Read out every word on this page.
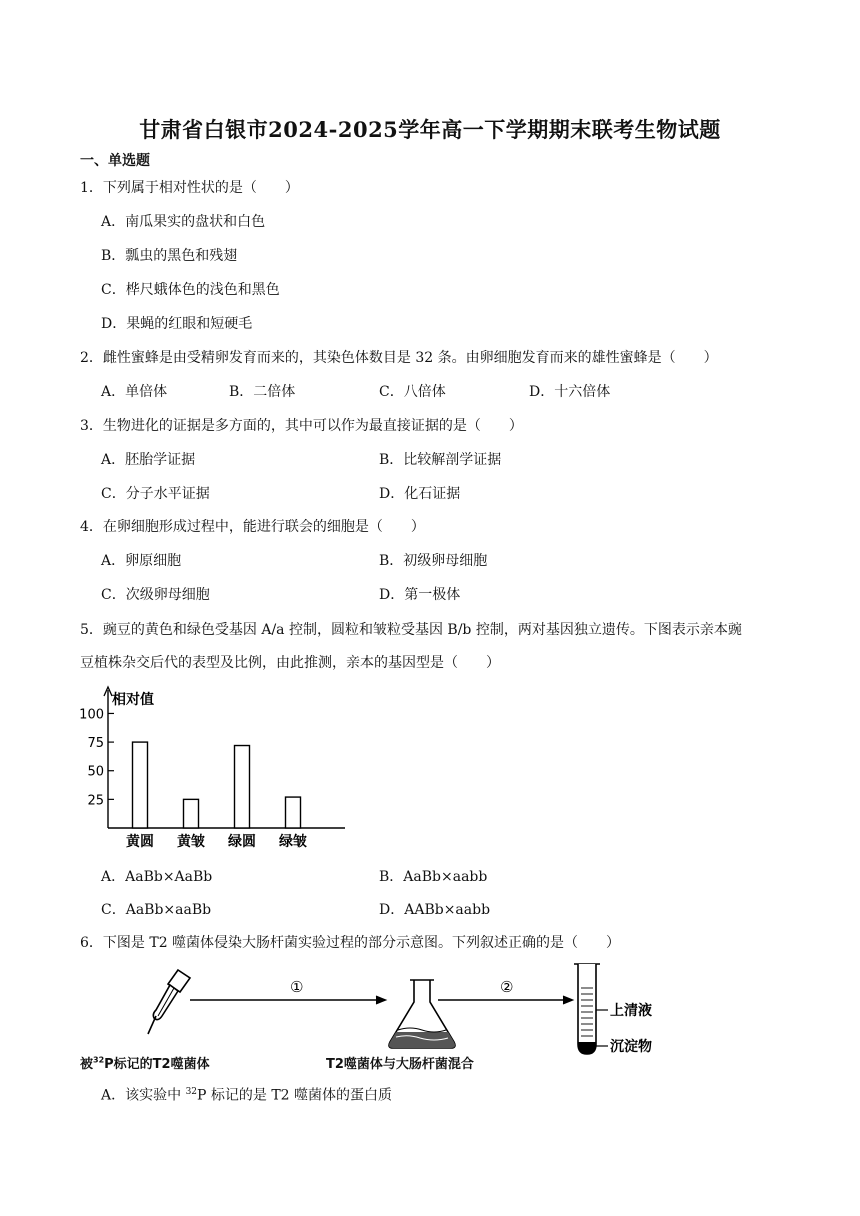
甘肃省白银市2024-2025学年高一下学期期末联考生物试题
一、单选题
1．下列属于相对性状的是（　　）
A．南瓜果实的盘状和白色
B．瓢虫的黑色和残翅
C．桦尺蛾体色的浅色和黑色
D．果蝇的红眼和短硬毛
2．雌性蜜蜂是由受精卵发育而来的，其染色体数目是 32 条。由卵细胞发育而来的雄性蜜蜂是（　　）
A．单倍体	B．二倍体	C．八倍体	D．十六倍体
3．生物进化的证据是多方面的，其中可以作为最直接证据的是（　　）
A．胚胎学证据	B．比较解剖学证据
C．分子水平证据	D．化石证据
4．在卵细胞形成过程中，能进行联会的细胞是（　　）
A．卵原细胞	B．初级卵母细胞
C．次级卵母细胞	D．第一极体
5．豌豆的黄色和绿色受基因 A/a 控制，圆粒和皱粒受基因 B/b 控制，两对基因独立遗传。下图表示亲本豌
豆植株杂交后代的表型及比例，由此推测，亲本的基因型是（　　）
相对值
25
50
75
100
黄圆 黄皱 绿圆 绿皱
A．AaBb×AaBb	B．AaBb×aabb
C．AaBb×aaBb	D．AABb×aabb
6．下图是 T2 噬菌体侵染大肠杆菌实验过程的部分示意图。下列叙述正确的是（　　）
①	②
上清液
沉淀物
被$^{32}$P标记的T2噬菌体	T2噬菌体与大肠杆菌混合
A．该实验中 $^{32}$P 标记的是 T2 噬菌体的蛋白质
